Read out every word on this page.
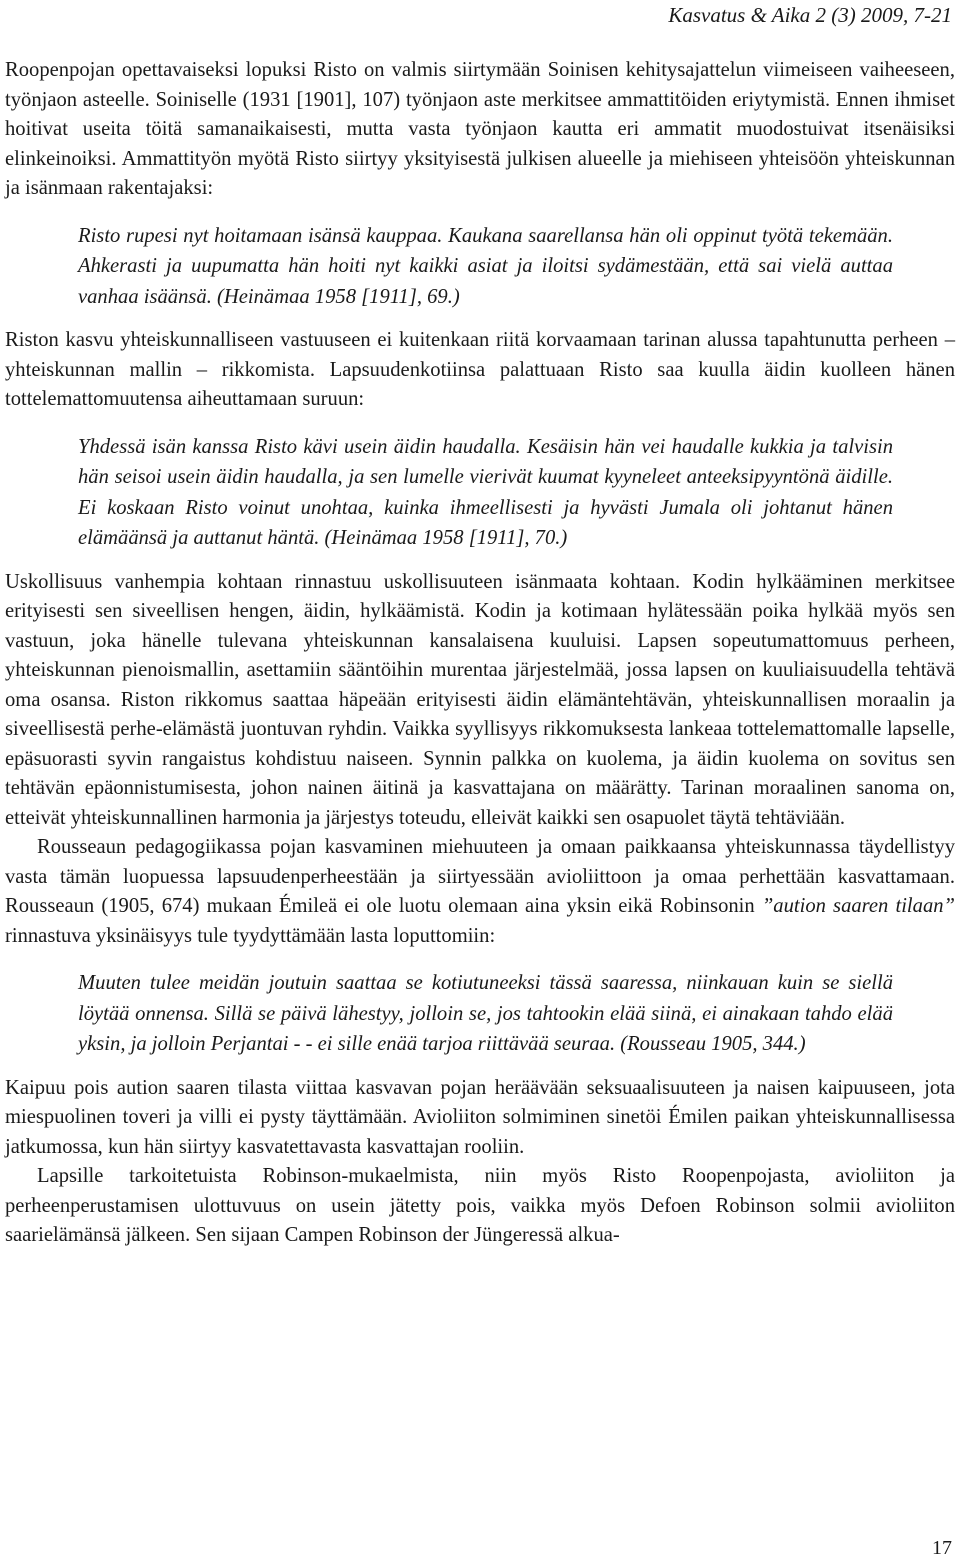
Kasvatus & Aika 2 (3) 2009, 7-21

Roopenpojan opettavaiseksi lopuksi Risto on valmis siirtymään Soinisen kehitysajattelun viimeiseen vaiheeseen, työnjaon asteelle. Soiniselle (1931 [1901], 107) työnjaon aste merkitsee ammattitöiden eriytymistä. Ennen ihmiset hoitivat useita töitä samanaikaisesti, mutta vasta työnjaon kautta eri ammatit muodostuivat itsenäisiksi elinkeinoiksi. Ammattityön myötä Risto siirtyy yksityisestä julkisen alueelle ja miehiseen yhteisöön yhteiskunnan ja isänmaan rakentajaksi:

Risto rupesi nyt hoitamaan isänsä kauppaa. Kaukana saarellansa hän oli oppinut työtä tekemään. Ahkerasti ja uupumatta hän hoiti nyt kaikki asiat ja iloitsi sydämestään, että sai vielä auttaa vanhaa isäänsä. (Heinämaa 1958 [1911], 69.)

Riston kasvu yhteiskunnalliseen vastuuseen ei kuitenkaan riitä korvaamaan tarinan alussa tapahtunutta perheen – yhteiskunnan mallin – rikkomista. Lapsuudenkotiinsa palattuaan Risto saa kuulla äidin kuolleen hänen tottelemattomuutensa aiheuttamaan suruun:

Yhdessä isän kanssa Risto kävi usein äidin haudalla. Kesäisin hän vei haudalle kukkia ja talvisin hän seisoi usein äidin haudalla, ja sen lumelle vierivät kuumat kyyneleet anteeksipyyntönä äidille. Ei koskaan Risto voinut unohtaa, kuinka ihmeellisesti ja hyvästi Jumala oli johtanut hänen elämäänsä ja auttanut häntä. (Heinämaa 1958 [1911], 70.)

Uskollisuus vanhempia kohtaan rinnastuu uskollisuuteen isänmaata kohtaan. Kodin hylkääminen merkitsee erityisesti sen siveellisen hengen, äidin, hylkäämistä. Kodin ja kotimaan hylätessään poika hylkää myös sen vastuun, joka hänelle tulevana yhteiskunnan kansalaisena kuuluisi. Lapsen sopeutumattomuus perheen, yhteiskunnan pienoismallin, asettamiin sääntöihin murentaa järjestelmää, jossa lapsen on kuuliaisuudella tehtävä oma osansa. Riston rikkomus saattaa häpeään erityisesti äidin elämäntehtävän, yhteiskunnallisen moraalin ja siveellisestä perhe-elämästä juontuvan ryhdin. Vaikka syyllisyys rikkomuksesta lankeaa tottelemattomalle lapselle, epäsuorasti syvin rangaistus kohdistuu naiseen. Synnin palkka on kuolema, ja äidin kuolema on sovitus sen tehtävän epäonnistumisesta, johon nainen äitinä ja kasvattajana on määrätty. Tarinan moraalinen sanoma on, etteivät yhteiskunnallinen harmonia ja järjestys toteudu, elleivät kaikki sen osapuolet täytä tehtäviään.

Rousseaun pedagogiikassa pojan kasvaminen miehuuteen ja omaan paikkaansa yhteiskunnassa täydellistyy vasta tämän luopuessa lapsuudenperheestään ja siirtyessään avioliittoon ja omaa perhettään kasvattamaan. Rousseaun (1905, 674) mukaan Émileä ei ole luotu olemaan aina yksin eikä Robinsonin ”aution saaren tilaan” rinnastuva yksinäisyys tule tyydyttämään lasta loputtomiin:

Muuten tulee meidän joutuin saattaa se kotiutuneeksi tässä saaressa, niinkauan kuin se siellä löytää onnensa. Sillä se päivä lähestyy, jolloin se, jos tahtookin elää siinä, ei ainakaan tahdo elää yksin, ja jolloin Perjantai - - ei sille enää tarjoa riittävää seuraa. (Rousseau 1905, 344.)

Kaipuu pois aution saaren tilasta viittaa kasvavan pojan heräävään seksuaalisuuteen ja naisen kaipuuseen, jota miespuolinen toveri ja villi ei pysty täyttämään. Avioliiton solmiminen sinetöi Émilen paikan yhteiskunnallisessa jatkumossa, kun hän siirtyy kasvatettavasta kasvattajan rooliin.

Lapsille tarkoitetuista Robinson-mukaelmista, niin myös Risto Roopenpojasta, avioliiton ja perheenperustamisen ulottuvuus on usein jätetty pois, vaikka myös Defoen Robinson solmii avioliiton saarielämänsä jälkeen. Sen sijaan Campen Robinson der Jüngeressä alkua-

17
